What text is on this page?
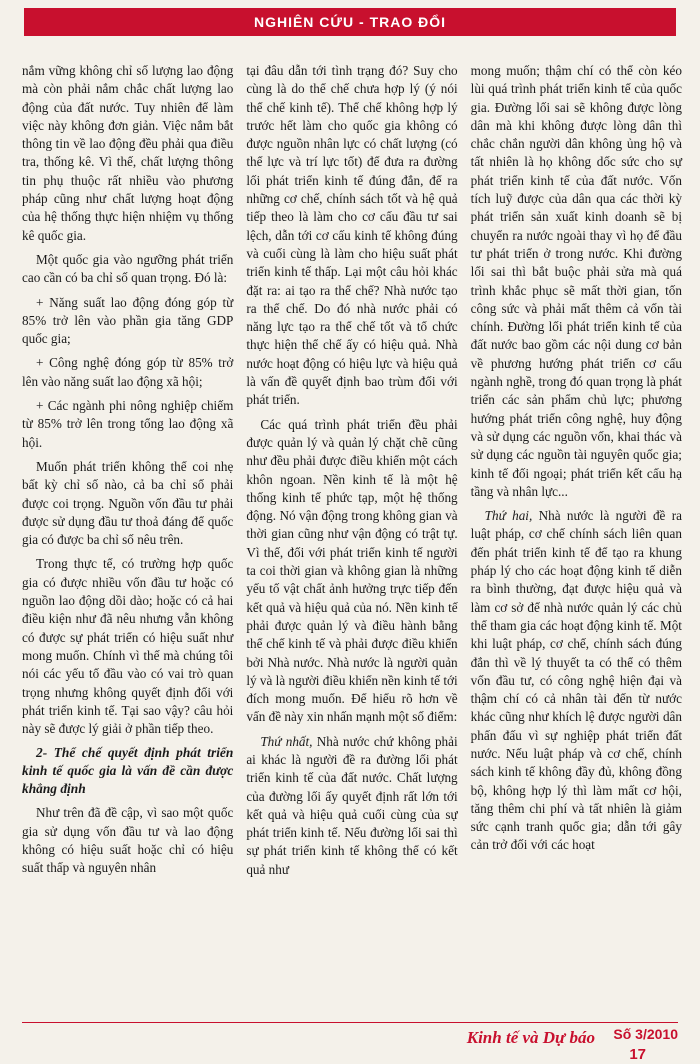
NGHIÊN CỨU - TRAO ĐỔI

nắm vững không chỉ số lượng lao động mà còn phải nắm chắc chất lượng lao động của đất nước. Tuy nhiên để làm việc này không đơn giản. Việc nắm bắt thông tin về lao động đều phải qua điều tra, thống kê. Vì thế, chất lượng thông tin phụ thuộc rất nhiều vào phương pháp cũng như chất lượng hoạt động của hệ thống thực hiện nhiệm vụ thống kê quốc gia.

Một quốc gia vào ngưỡng phát triển cao cần có ba chỉ số quan trọng. Đó là:

+ Năng suất lao động đóng góp từ 85% trở lên vào phần gia tăng GDP quốc gia;

+ Công nghệ đóng góp từ 85% trở lên vào năng suất lao động xã hội;

+ Các ngành phi nông nghiệp chiếm từ 85% trở lên trong tổng lao động xã hội.

Muốn phát triển không thể coi nhẹ bất kỳ chỉ số nào, cả ba chỉ số phải được coi trọng. Nguồn vốn đầu tư phải được sử dụng đầu tư thoả đáng để quốc gia có được ba chỉ số nêu trên.

Trong thực tế, có trường hợp quốc gia có được nhiều vốn đầu tư hoặc có nguồn lao động dồi dào; hoặc có cả hai điều kiện như đã nêu nhưng vẫn không có được sự phát triển có hiệu suất như mong muốn. Chính vì thế mà chúng tôi nói các yếu tố đầu vào có vai trò quan trọng nhưng không quyết định đối với phát triển kinh tế. Tại sao vậy? câu hỏi này sẽ được lý giải ở phần tiếp theo.

2- Thể chế quyết định phát triển kinh tế quốc gia là vấn đề cần được khẳng định

Như trên đã đề cập, vì sao một quốc gia sử dụng vốn đầu tư và lao động không có hiệu suất hoặc chỉ có hiệu suất thấp và nguyên nhân

tại đâu dẫn tới tình trạng đó? Suy cho cùng là do thể chế chưa hợp lý (ý nói thể chế kinh tế). Thể chế không hợp lý trước hết làm cho quốc gia không có được nguồn nhân lực có chất lượng (có thể lực và trí lực tốt) để đưa ra đường lối phát triển kinh tế đúng đắn, để ra những cơ chế, chính sách tốt và hệ quả tiếp theo là làm cho cơ cấu đầu tư sai lệch, dẫn tới cơ cấu kinh tế không đúng và cuối cùng là làm cho hiệu suất phát triển kinh tế thấp. Lại một câu hỏi khác đặt ra: ai tạo ra thể chế? Nhà nước tạo ra thể chế. Do đó nhà nước phải có năng lực tạo ra thể chế tốt và tổ chức thực hiện thể chế ấy có hiệu quả. Nhà nước hoạt động có hiệu lực và hiệu quả là vấn đề quyết định bao trùm đối với phát triển.

Các quá trình phát triển đều phải được quản lý và quản lý chặt chẽ cũng như đều phải được điều khiển một cách khôn ngoan. Nền kinh tế là một hệ thống kinh tế phức tạp, một hệ thống động. Nó vận động trong không gian và thời gian cũng như vận động có trật tự. Vì thế, đối với phát triển kinh tế người ta coi thời gian và không gian là những yếu tố vật chất ảnh hưởng trực tiếp đến kết quả và hiệu quả của nó. Nền kinh tế phải được quản lý và điều hành bằng thể chế kinh tế và phải được điều khiển bởi Nhà nước. Nhà nước là người quản lý và là người điều khiển nền kinh tế tới đích mong muốn. Để hiểu rõ hơn về vấn đề này xin nhấn mạnh một số điểm:

Thứ nhất, Nhà nước chứ không phải ai khác là người đề ra đường lối phát triển kinh tế của đất nước. Chất lượng của đường lối ấy quyết định rất lớn tới kết quả và hiệu quả cuối cùng của sự phát triển kinh tế. Nếu đường lối sai thì sự phát triển kinh tế không thể có kết quả như

mong muốn; thậm chí có thể còn kéo lùi quá trình phát triển kinh tế của quốc gia. Đường lối sai sẽ không được lòng dân mà khi không được lòng dân thì chắc chắn người dân không ủng hộ và tất nhiên là họ không dốc sức cho sự phát triển kinh tế của đất nước. Vốn tích luỹ được của dân qua các thời kỳ phát triển sản xuất kinh doanh sẽ bị chuyển ra nước ngoài thay vì họ để đầu tư phát triển ở trong nước. Khi đường lối sai thì bắt buộc phải sửa mà quá trình khắc phục sẽ mất thời gian, tốn công sức và phải mất thêm cả vốn tài chính. Đường lối phát triển kinh tế của đất nước bao gồm các nội dung cơ bản về phương hướng phát triển cơ cấu ngành nghề, trong đó quan trọng là phát triển các sản phẩm chủ lực; phương hướng phát triển công nghệ, huy động và sử dụng các nguồn vốn, khai thác và sử dụng các nguồn tài nguyên quốc gia; kinh tế đối ngoại; phát triển kết cấu hạ tầng và nhân lực...

Thứ hai, Nhà nước là người đề ra luật pháp, cơ chế chính sách liên quan đến phát triển kinh tế để tạo ra khung pháp lý cho các hoạt động kinh tế diễn ra bình thường, đạt được hiệu quả và làm cơ sở để nhà nước quản lý các chủ thể tham gia các hoạt động kinh tế. Một khi luật pháp, cơ chế, chính sách đúng đắn thì về lý thuyết ta có thể có thêm vốn đầu tư, có công nghệ hiện đại và thậm chí có cả nhân tài đến từ nước khác cũng như khích lệ được người dân phấn đấu vì sự nghiệp phát triển đất nước. Nếu luật pháp và cơ chế, chính sách kinh tế không đầy đủ, không đồng bộ, không hợp lý thì làm mất cơ hội, tăng thêm chi phí và tất nhiên là giảm sức cạnh tranh quốc gia; dẫn tới gây cản trở đối với các hoạt

Kinh tế và Dự báo Số 3/2010
17
